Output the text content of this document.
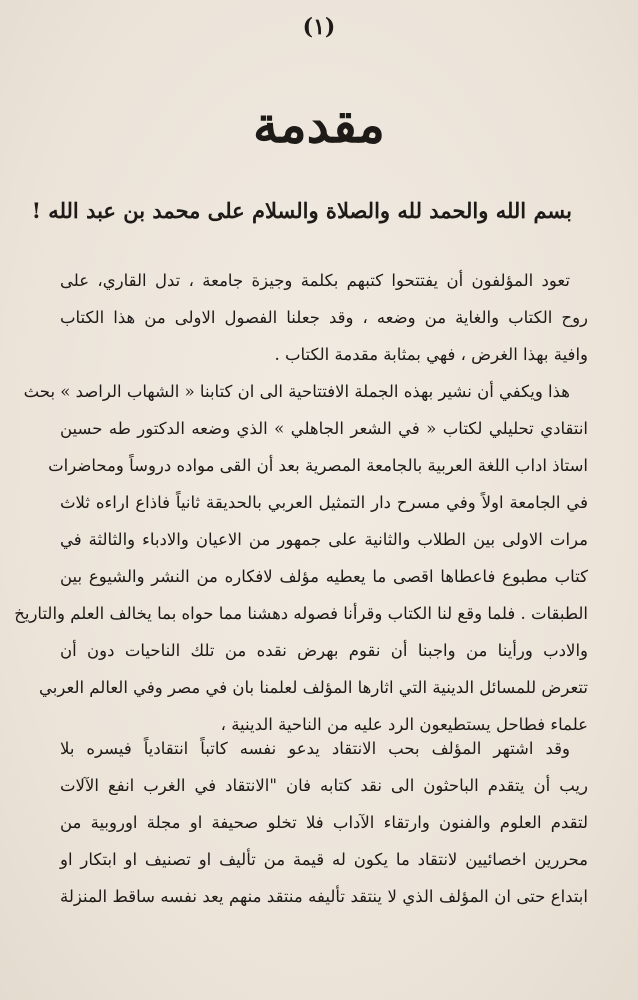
(١)
مقدمة
بسم الله والحمد لله والصلاة والسلام على محمد بن عبد الله !
تعود المؤلفون أن يفتتحوا كتبهم بكلمة وجيزة جامعة ، تدل القاري، على
روح الكتاب والغاية من وضعه ، وقد جعلنا الفصول الاولى من هذا الكتاب
وافية بهذا الغرض ، فهي بمثابة مقدمة الكتاب .
هذا ويكفي أن نشير بهذه الجملة الافتتاحية الى ان كتابنا « الشهاب الراصد » بحث
انتقادي تحليلي لكتاب « في الشعر الجاهلي » الذي وضعه الدكتور طه حسين
استاذ اداب اللغة العربية بالجامعة المصرية بعد أن القى مواده دروساً ومحاضرات
في الجامعة اولاً وفي مسرح دار التمثيل العربي بالحديقة ثانياً فاذاع اراءه ثلاث
مرات الاولى بين الطلاب والثانية على جمهور من الاعيان والادباء والثالثة في
كتاب مطبوع فاعطاها اقصى ما يعطيه مؤلف لافكاره من النشر والشيوع بين
الطبقات . فلما وقع لنا الكتاب وقرأنا فصوله دهشنا مما حواه بما يخالف العلم والتاريخ
والادب ورأينا من واجبنا أن نقوم بهرض نقده من تلك الناحيات دون أن
تتعرض للمسائل الدينية التي اثارها المؤلف لعلمنا بان في مصر وفي العالم العربي
علماء فطاحل يستطيعون الرد عليه من الناحية الدينية ،
وقد اشتهر المؤلف بحب الانتقاد يدعو نفسه كاتباً انتقادياً فيسره بلا
ريب أن يتقدم الباحثون الى نقد كتابه فان "الانتقاد في الغرب انفع الآلات
لتقدم العلوم والفنون وارتقاء الآداب فلا تخلو صحيفة او مجلة اوروبية من
محررين اخصائيين لانتقاد ما يكون له قيمة من تأليف او تصنيف او ابتكار او
ابتداع حتى ان المؤلف الذي لا ينتقد تأليفه منتقد منهم يعد نفسه ساقط المنزلة
